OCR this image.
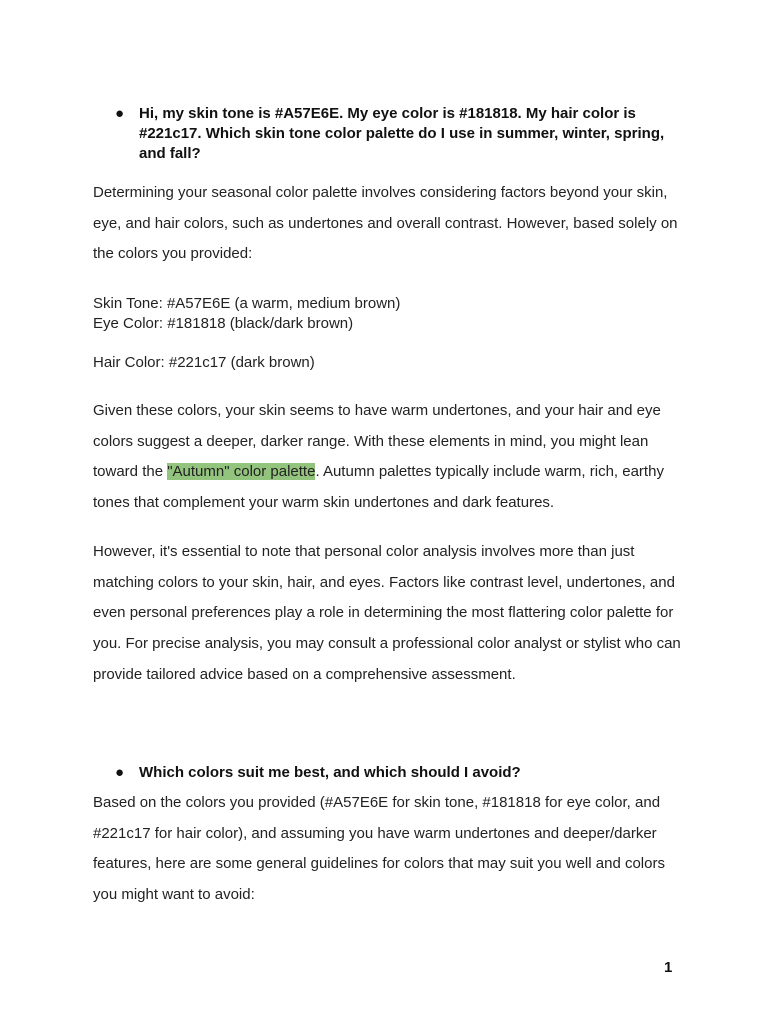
● Hi, my skin tone is #A57E6E. My eye color is #181818. My hair color is #221c17. Which skin tone color palette do I use in summer, winter, spring, and fall?

Determining your seasonal color palette involves considering factors beyond your skin, eye, and hair colors, such as undertones and overall contrast. However, based solely on the colors you provided:

Skin Tone: #A57E6E (a warm, medium brown)
Eye Color: #181818 (black/dark brown)

Hair Color: #221c17 (dark brown)

Given these colors, your skin seems to have warm undertones, and your hair and eye colors suggest a deeper, darker range. With these elements in mind, you might lean toward the "Autumn" color palette. Autumn palettes typically include warm, rich, earthy tones that complement your warm skin undertones and dark features.

However, it's essential to note that personal color analysis involves more than just matching colors to your skin, hair, and eyes. Factors like contrast level, undertones, and even personal preferences play a role in determining the most flattering color palette for you. For precise analysis, you may consult a professional color analyst or stylist who can provide tailored advice based on a comprehensive assessment.

● Which colors suit me best, and which should I avoid?

Based on the colors you provided (#A57E6E for skin tone, #181818 for eye color, and #221c17 for hair color), and assuming you have warm undertones and deeper/darker features, here are some general guidelines for colors that may suit you well and colors you might want to avoid:

1
